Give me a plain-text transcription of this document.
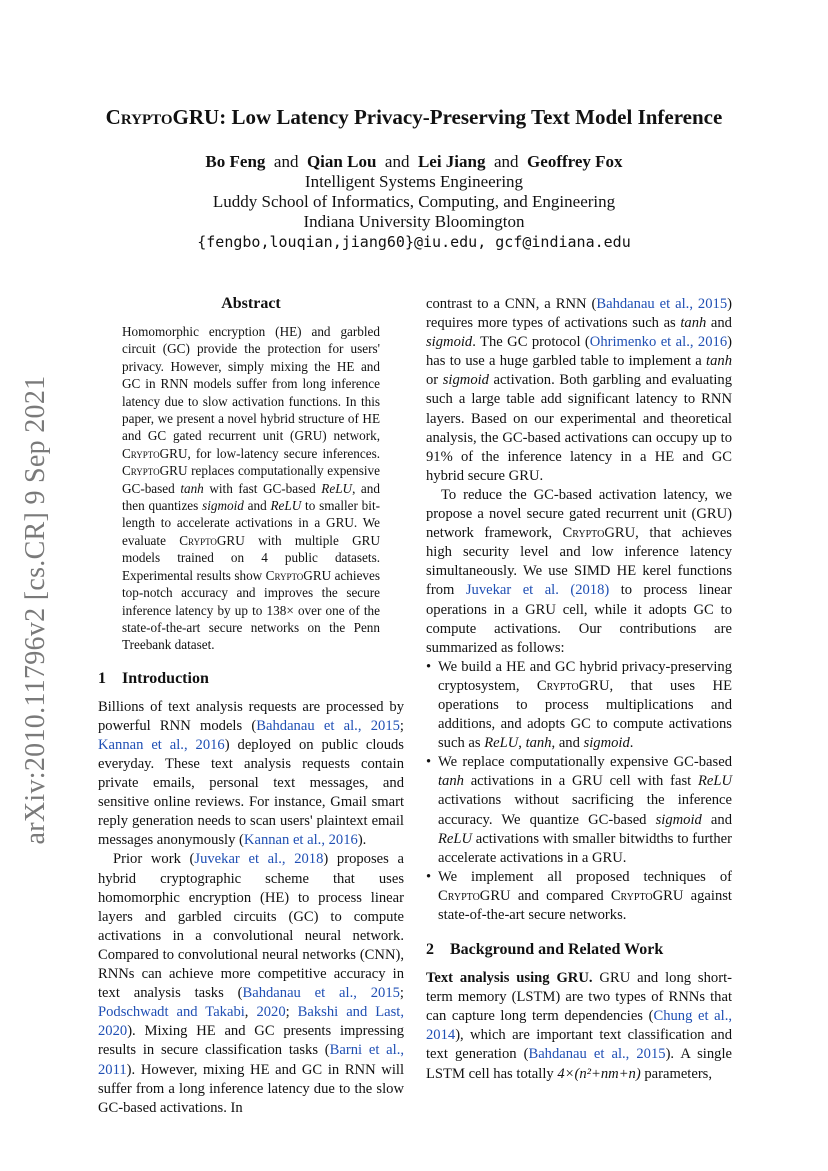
arXiv:2010.11796v2 [cs.CR] 9 Sep 2021
CryptoGRU: Low Latency Privacy-Preserving Text Model Inference
Bo Feng and Qian Lou and Lei Jiang and Geoffrey Fox
Intelligent Systems Engineering
Luddy School of Informatics, Computing, and Engineering
Indiana University Bloomington
{fengbo,louqian,jiang60}@iu.edu, gcf@indiana.edu
Abstract
Homomorphic encryption (HE) and garbled circuit (GC) provide the protection for users' privacy. However, simply mixing the HE and GC in RNN models suffer from long inference latency due to slow activation functions. In this paper, we present a novel hybrid structure of HE and GC gated recurrent unit (GRU) network, CryptoGRU, for low-latency secure inferences. CryptoGRU replaces computationally expensive GC-based tanh with fast GC-based ReLU, and then quantizes sigmoid and ReLU to smaller bit-length to accelerate activations in a GRU. We evaluate CryptoGRU with multiple GRU models trained on 4 public datasets. Experimental results show CryptoGRU achieves top-notch accuracy and improves the secure inference latency by up to 138× over one of the state-of-the-art secure networks on the Penn Treebank dataset.
1 Introduction

Billions of text analysis requests are processed by powerful RNN models (Bahdanau et al., 2015; Kannan et al., 2016) deployed on public clouds everyday. These text analysis requests contain private emails, personal text messages, and sensitive online reviews. For instance, Gmail smart reply generation needs to scan users' plaintext email messages anonymously (Kannan et al., 2016).

Prior work (Juvekar et al., 2018) proposes a hybrid cryptographic scheme that uses homomorphic encryption (HE) to process linear layers and garbled circuits (GC) to compute activations in a convolutional neural network. Compared to convolutional neural networks (CNN), RNNs can achieve more competitive accuracy in text analysis tasks (Bahdanau et al., 2015; Podschwadt and Takabi, 2020; Bakshi and Last, 2020). Mixing HE and GC presents impressing results in secure classification tasks (Barni et al., 2011). However, mixing HE and GC in RNN will suffer from a long inference latency due to the slow GC-based activations. In

contrast to a CNN, a RNN (Bahdanau et al., 2015) requires more types of activations such as tanh and sigmoid. The GC protocol (Ohrimenko et al., 2016) has to use a huge garbled table to implement a tanh or sigmoid activation. Both garbling and evaluating such a large table add significant latency to RNN layers. Based on our experimental and theoretical analysis, the GC-based activations can occupy up to 91% of the inference latency in a HE and GC hybrid secure GRU.

To reduce the GC-based activation latency, we propose a novel secure gated recurrent unit (GRU) network framework, CryptoGRU, that achieves high security level and low inference latency simultaneously. We use SIMD HE kerel functions from Juvekar et al. (2018) to process linear operations in a GRU cell, while it adopts GC to compute activations. Our contributions are summarized as follows:

• We build a HE and GC hybrid privacy-preserving cryptosystem, CryptoGRU, that uses HE operations to process multiplications and additions, and adopts GC to compute activations such as ReLU, tanh, and sigmoid.
• We replace computationally expensive GC-based tanh activations in a GRU cell with fast ReLU activations without sacrificing the inference accuracy. We quantize GC-based sigmoid and ReLU activations with smaller bitwidths to further accelerate activations in a GRU.
• We implement all proposed techniques of CryptoGRU and compared CryptoGRU against state-of-the-art secure networks.
2 Background and Related Work

Text analysis using GRU. GRU and long short-term memory (LSTM) are two types of RNNs that can capture long term dependencies (Chung et al., 2014), which are important text classification and text generation (Bahdanau et al., 2015). A single LSTM cell has totally 4×(n²+nm+n) parameters,
